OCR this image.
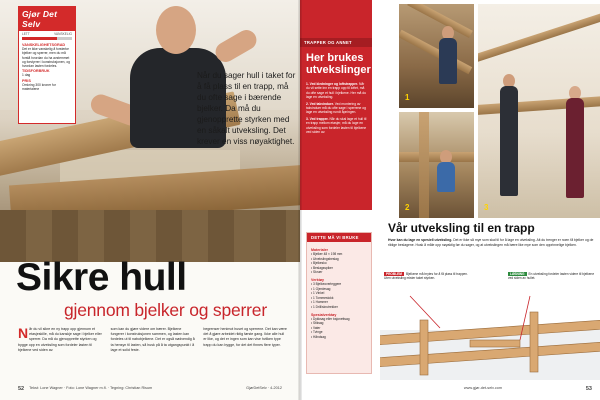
Gjør Det Selv
LETT	VANSKELIG
VANSKELIGHETSGRAD
Det er ikke vanskelig å forsterke bjelker og sperrer, men du må forstå hvordan du ha avstemmet og forstyrrer i konstruksjonen, og hvordan lasten fordeles.
TIDSFORBRUK
1 dag
PRIS
Omkring 300 kroner for materialene
Når du sager hull i taket for å få plass til en trapp, må du ofte sage i bærende bjelker. Da må du gjenopprette styrken med en såkalt utveksling. Det krever en viss nøyaktighet.
Sikre hull
gjennom bjelker og sperrer

Når du vil sikre en ny trapp opp gjennom et etasjeskille, må du kanskje sage i bjelker eller sperrer. Da må du gjenopprette styrken og bygge opp en utveksling som fordeler lasten til bjelkene ved siden av.

som kan du gjøre videre om bærer. Bjelkene fungerer i konstruksjonen sammen, og lasten kan fordeles ut til nabobjelkene. Det er også nødvendig å ta hensyn til lasten, så husk på å ta utgangspunkt i å lage et solid feste.

begrenser henimot huset og sperrene. Det kan være det å gjøre arbeidet riktig første gang. Ikke alle hull er like, og det er ingen som kan vise hvilken type trapp du kan bygge, for det det finnes flere typer.

52 Tekst: Lone Wagner · Foto: Lone Wagner m.fl. · Tegning: Christian Risum	GjørDetSelv · 4-2012
TRAPPER OG ANNET
Her brukes utvekslinger
1. Ved kledninger og loftstrapper. Når du vil sette inn en trapp opp til loftet, må du ofte sage et hull i bjelkene. Her må du lage en utveksling.
2. Ved takvinduer. Ved montering av takvinduer må du ofte sage i sperrene og lage en utveksling rundt åpningen.
3. Ved trapper. Når du skal lage et hull til en trapp mellom etasjer, må du lage en utveksling som fordeler lasten til bjelkene ved siden av.
1
2	3
DETTE MÅ VI BRUKE
Materialer
• Bjelker 48 × 198 mm
• Utvekslingsbeslag
• Bjelkesko
• Beslagsspiker
• Skruer
Verktøy
• 3 Bjelkeoverleggere
• 1 Gjerdesag
• 1 Vinkel
• 1 Tommestokk
• 1 Hammer
• 1 Drill/skrutrekker
Spesialverktøy
• Dykksag eller bajonettsag
• Stiksag
• Vater
• Tvinge
• Håndsag
Vår utveksling til en trapp
Hvor kan du lage en spesiell utveksling. Det er ikke så mye som skal til for å lage en utveksling. Alt du trenger er noen få bjelker og de riktige beslagene. Husk å måle opp nøyaktig før du sager, og at utvekslingen må bære like mye som den opprinnelige bjelken.
PROBLEM Bjelkene må brytes for å få plass til trappen. Uten utveksling mister taket styrken.
LØSNING En utveksling fordeler lasten videre til bjelkene ved siden av hullet.
www.gjør-det-selv.com	53
